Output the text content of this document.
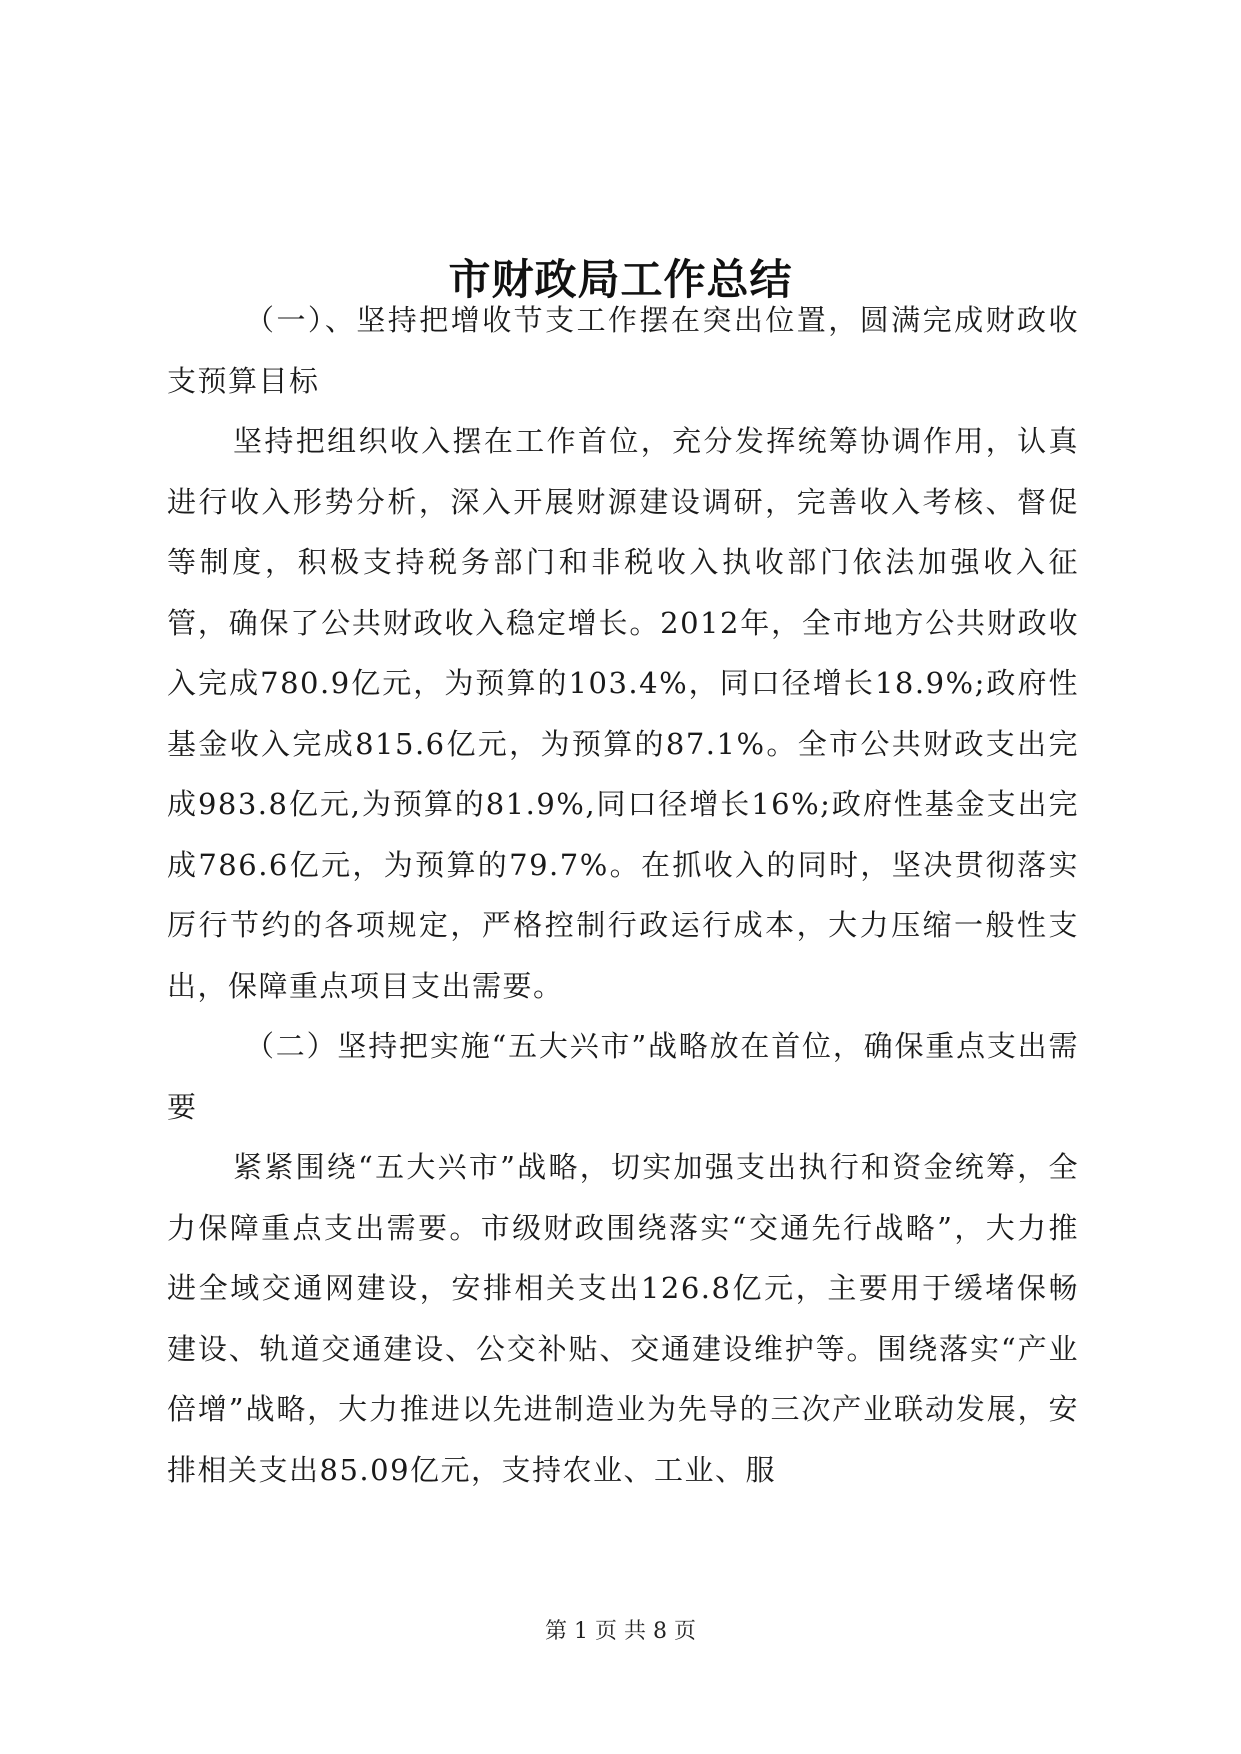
市财政局工作总结

（一）、坚持把增收节支工作摆在突出位置，圆满完成财政收支预算目标

坚持把组织收入摆在工作首位，充分发挥统筹协调作用，认真进行收入形势分析，深入开展财源建设调研，完善收入考核、督促等制度，积极支持税务部门和非税收入执收部门依法加强收入征管，确保了公共财政收入稳定增长。2012年，全市地方公共财政收入完成780.9亿元，为预算的103.4%，同口径增长18.9%;政府性基金收入完成815.6亿元，为预算的87.1%。全市公共财政支出完成983.8亿元,为预算的81.9%,同口径增长16%;政府性基金支出完成786.6亿元，为预算的79.7%。在抓收入的同时，坚决贯彻落实厉行节约的各项规定，严格控制行政运行成本，大力压缩一般性支出，保障重点项目支出需要。

（二）坚持把实施“五大兴市”战略放在首位，确保重点支出需要

紧紧围绕“五大兴市”战略，切实加强支出执行和资金统筹，全力保障重点支出需要。市级财政围绕落实“交通先行战略”，大力推进全域交通网建设，安排相关支出126.8亿元，主要用于缓堵保畅建设、轨道交通建设、公交补贴、交通建设维护等。围绕落实“产业倍增”战略，大力推进以先进制造业为先导的三次产业联动发展，安排相关支出85.09亿元，支持农业、工业、服

第 1 页 共 8 页
